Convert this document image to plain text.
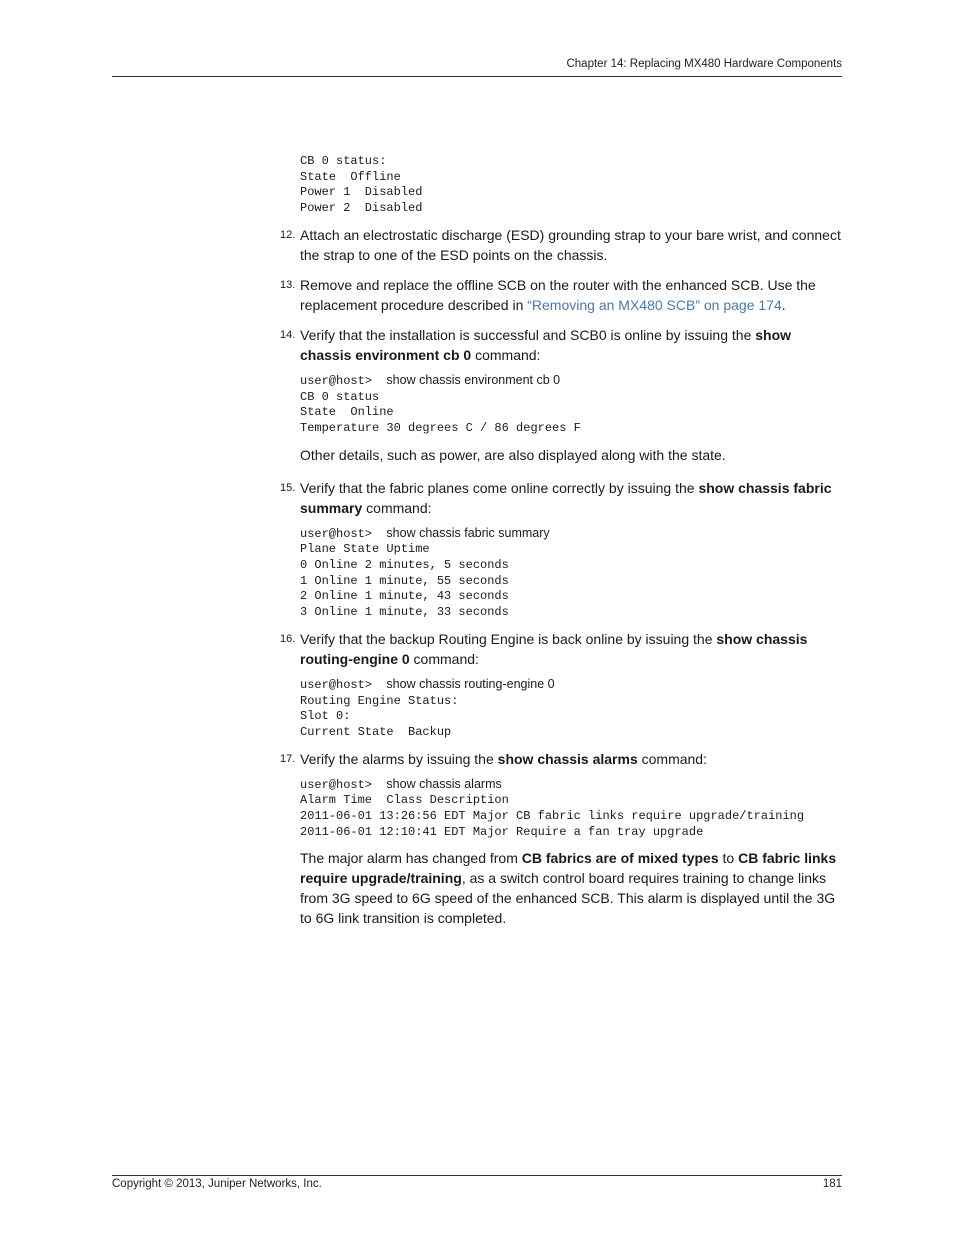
Chapter 14: Replacing MX480 Hardware Components
CB 0 status:
State  Offline
Power 1  Disabled
Power 2  Disabled
12. Attach an electrostatic discharge (ESD) grounding strap to your bare wrist, and connect the strap to one of the ESD points on the chassis.
13. Remove and replace the offline SCB on the router with the enhanced SCB. Use the replacement procedure described in “Removing an MX480 SCB” on page 174.
14. Verify that the installation is successful and SCB0 is online by issuing the show chassis environment cb 0 command:
user@host> show chassis environment cb 0
CB 0 status
State  Online
Temperature 30 degrees C / 86 degrees F
Other details, such as power, are also displayed along with the state.
15. Verify that the fabric planes come online correctly by issuing the show chassis fabric summary command:
user@host> show chassis fabric summary
Plane State Uptime
0 Online 2 minutes, 5 seconds
1 Online 1 minute, 55 seconds
2 Online 1 minute, 43 seconds
3 Online 1 minute, 33 seconds
16. Verify that the backup Routing Engine is back online by issuing the show chassis routing-engine 0 command:
user@host> show chassis routing-engine 0
Routing Engine Status:
Slot 0:
Current State  Backup
17. Verify the alarms by issuing the show chassis alarms command:
user@host> show chassis alarms
Alarm Time  Class Description
2011-06-01 13:26:56 EDT Major CB fabric links require upgrade/training
2011-06-01 12:10:41 EDT Major Require a fan tray upgrade
The major alarm has changed from CB fabrics are of mixed types to CB fabric links require upgrade/training, as a switch control board requires training to change links from 3G speed to 6G speed of the enhanced SCB. This alarm is displayed until the 3G to 6G link transition is completed.
Copyright © 2013, Juniper Networks, Inc.	181
